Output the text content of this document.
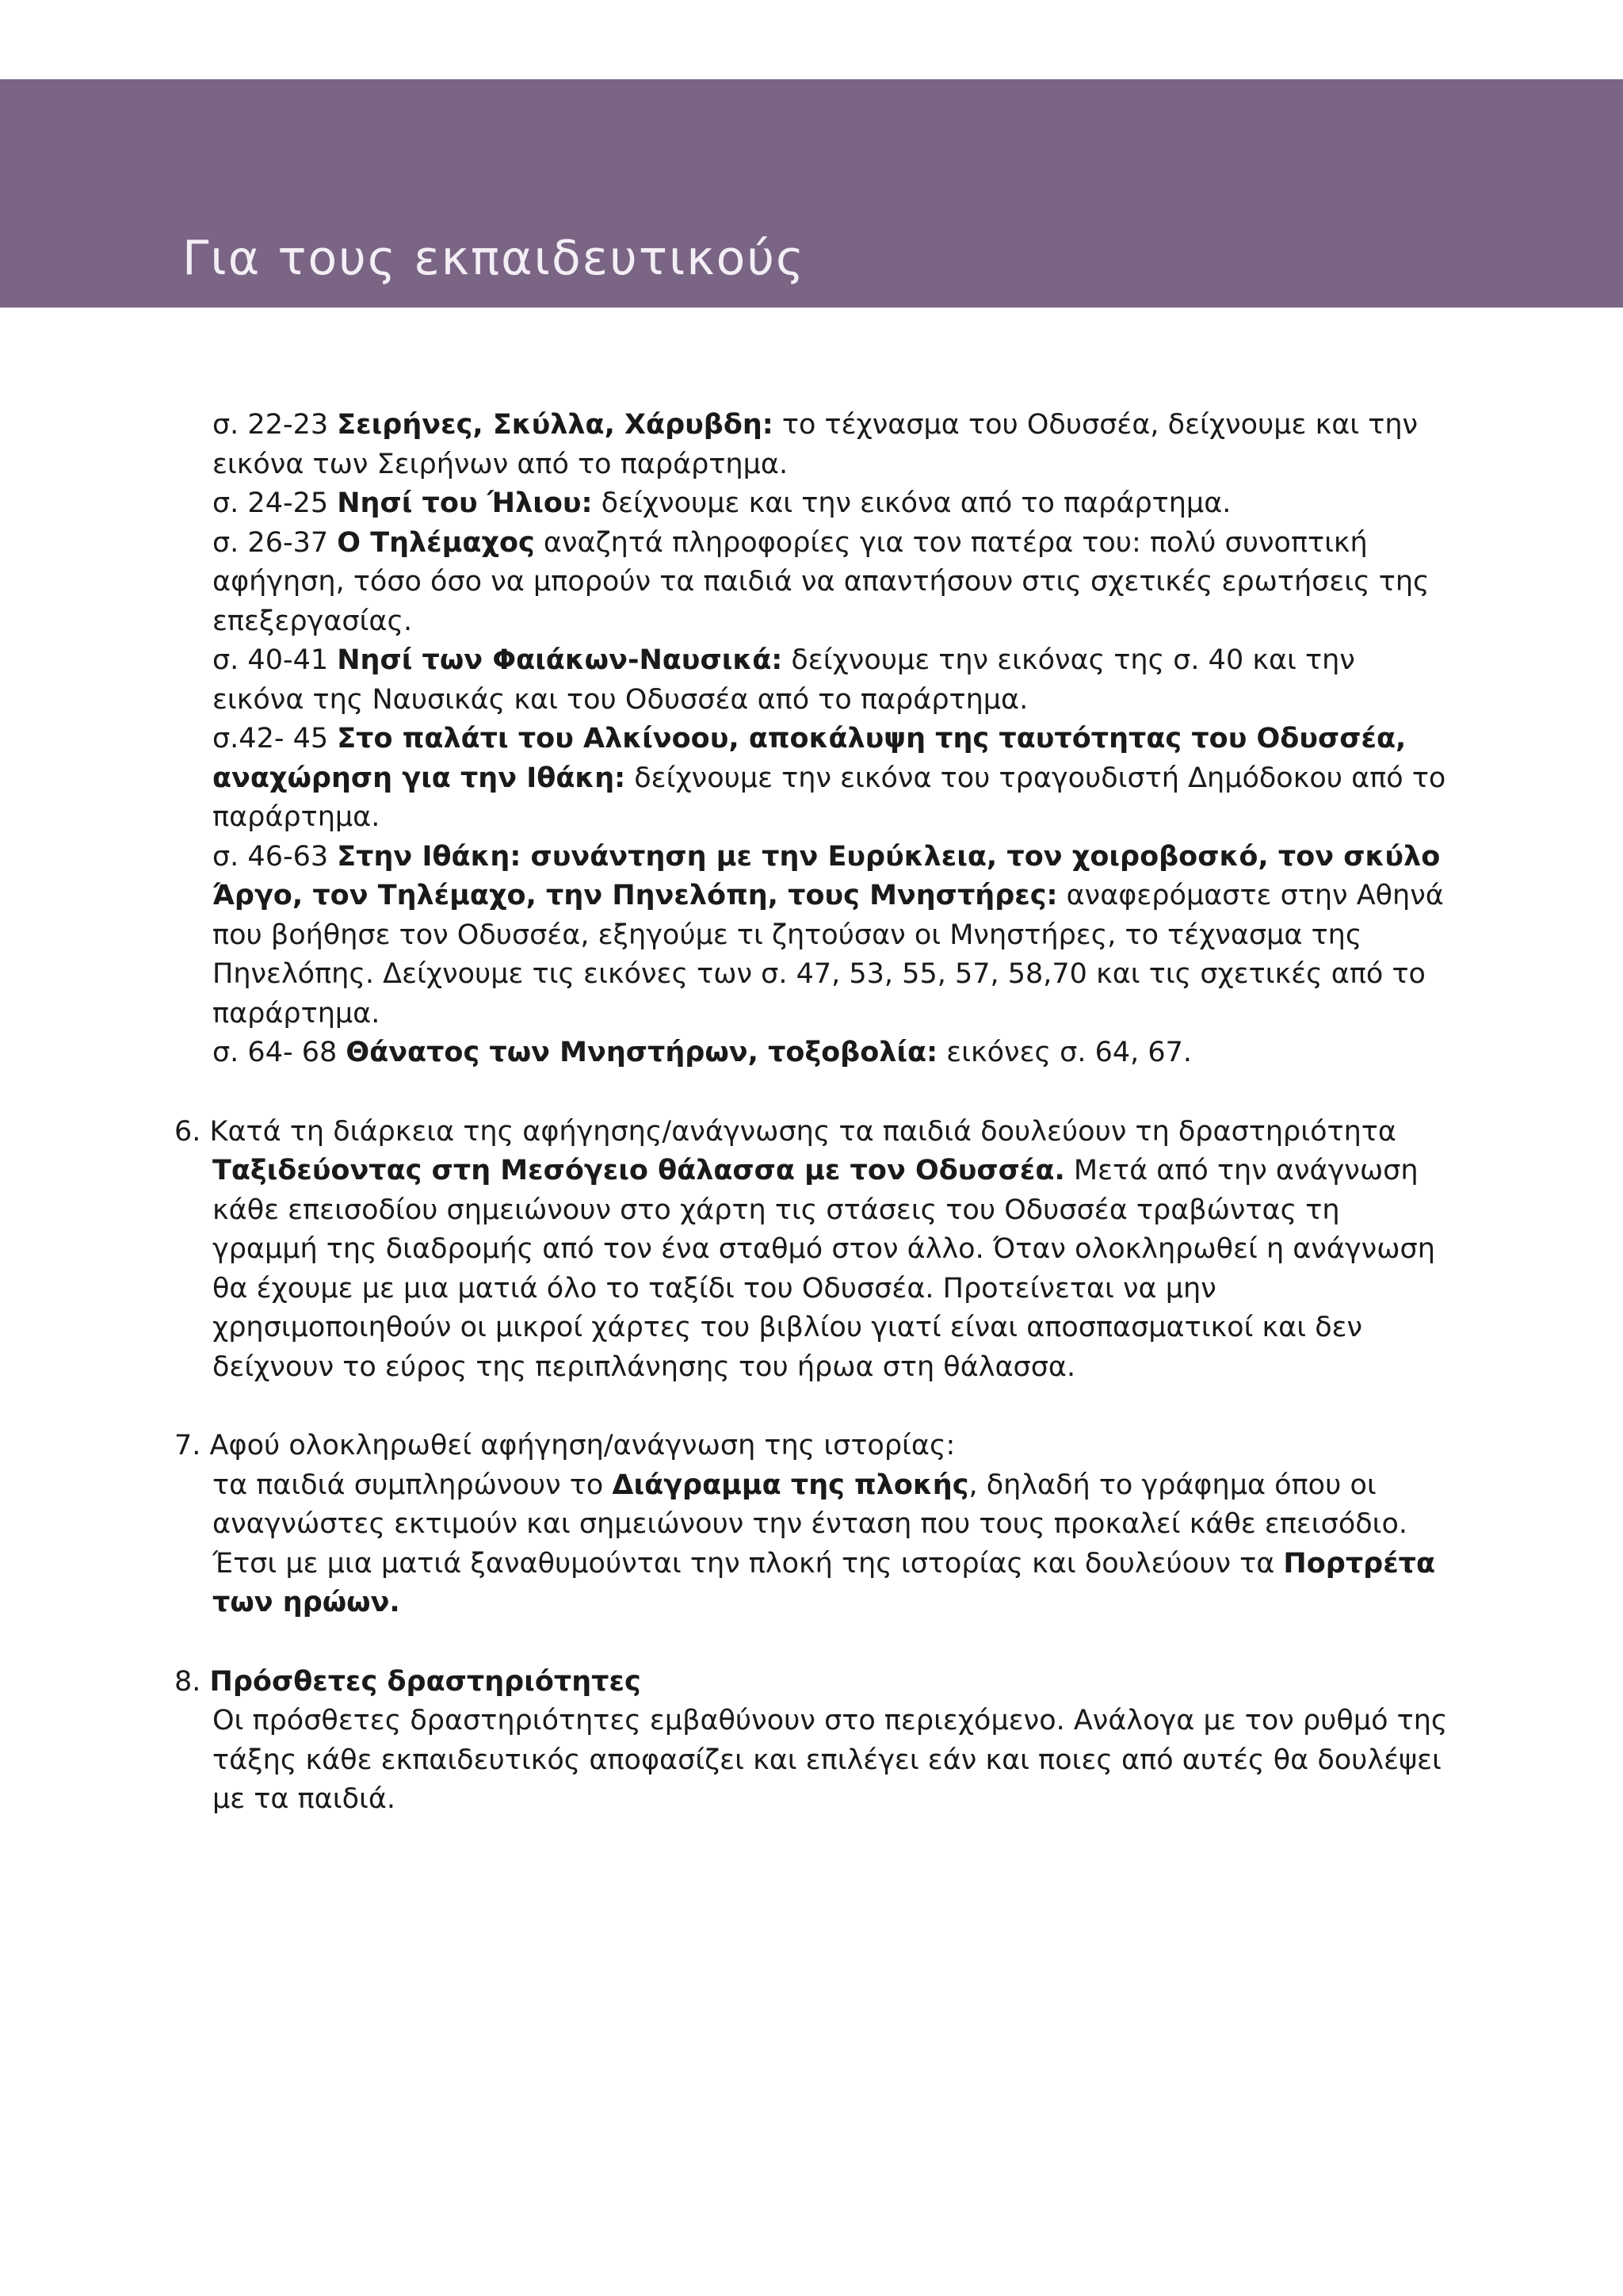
Για τους εκπαιδευτικούς

σ. 22-23 Σειρήνες, Σκύλλα, Χάρυβδη: το τέχνασμα του Οδυσσέα, δείχνουμε και την εικόνα των Σειρήνων από το παράρτημα.

σ. 24-25 Νησί του Ήλιου: δείχνουμε και την εικόνα από το παράρτημα.

σ. 26-37 Ο Τηλέμαχος αναζητά πληροφορίες για τον πατέρα του: πολύ συνοπτική αφήγηση, τόσο όσο να μπορούν τα παιδιά να απαντήσουν στις σχετικές ερωτήσεις της επεξεργασίας.

σ. 40-41 Νησί των Φαιάκων-Ναυσικά: δείχνουμε την εικόνας της σ. 40 και την εικόνα της Ναυσικάς και του Οδυσσέα από το παράρτημα.

σ.42- 45 Στο παλάτι του Αλκίνοου, αποκάλυψη της ταυτότητας του Οδυσσέα, αναχώρηση για την Ιθάκη: δείχνουμε την εικόνα του τραγουδιστή Δημόδοκου από το παράρτημα.

σ. 46-63 Στην Ιθάκη: συνάντηση με την Ευρύκλεια, τον χοιροβοσκό, τον σκύλο Άργο, τον Τηλέμαχο, την Πηνελόπη, τους Μνηστήρες: αναφερόμαστε στην Αθηνά που βοήθησε τον Οδυσσέα, εξηγούμε τι ζητούσαν οι Μνηστήρες, το τέχνασμα της Πηνελόπης. Δείχνουμε τις εικόνες των σ. 47, 53, 55, 57, 58,70 και τις σχετικές από το παράρτημα.

σ. 64- 68 Θάνατος των Μνηστήρων, τοξοβολία: εικόνες σ. 64, 67.

6. Κατά τη διάρκεια της αφήγησης/ανάγνωσης τα παιδιά δουλεύουν τη δραστηριότητα

Ταξιδεύοντας στη Μεσόγειο θάλασσα με τον Οδυσσέα. Μετά από την ανάγνωση κάθε επεισοδίου σημειώνουν στο χάρτη τις στάσεις του Οδυσσέα τραβώντας τη γραμμή της διαδρομής από τον ένα σταθμό στον άλλο. Όταν ολοκληρωθεί η ανάγνωση θα έχουμε με μια ματιά όλο το ταξίδι του Οδυσσέα. Προτείνεται να μην χρησιμοποιηθούν οι μικροί χάρτες του βιβλίου γιατί είναι αποσπασματικοί και δεν δείχνουν το εύρος της περιπλάνησης του ήρωα στη θάλασσα.

7. Αφού ολοκληρωθεί αφήγηση/ανάγνωση της ιστορίας:

τα παιδιά συμπληρώνουν το Διάγραμμα της πλοκής, δηλαδή το γράφημα όπου οι αναγνώστες εκτιμούν και σημειώνουν την ένταση που τους προκαλεί κάθε επεισόδιο. Έτσι με μια ματιά ξαναθυμούνται την πλοκή της ιστορίας και δουλεύουν τα Πορτρέτα των ηρώων.

8. Πρόσθετες δραστηριότητες

Οι πρόσθετες δραστηριότητες εμβαθύνουν στο περιεχόμενο. Ανάλογα με τον ρυθμό της τάξης κάθε εκπαιδευτικός αποφασίζει και επιλέγει εάν και ποιες από αυτές θα δουλέψει με τα παιδιά.
